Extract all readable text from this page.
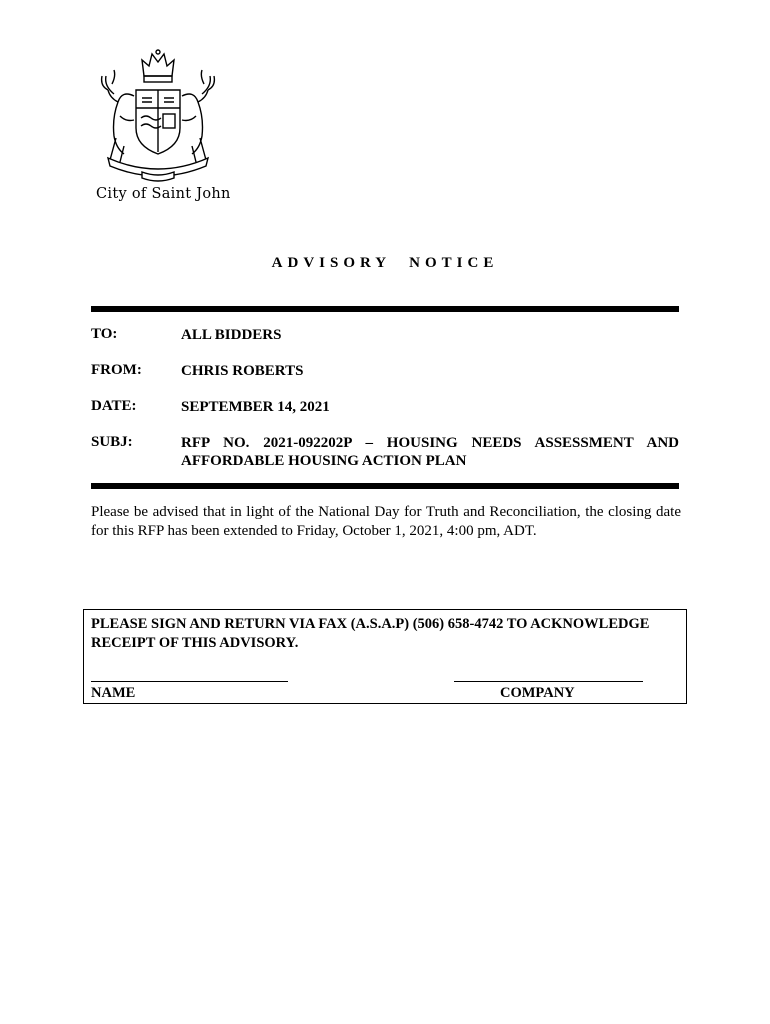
City of Saint John
ADVISORY NOTICE
TO:	ALL BIDDERS
FROM:	CHRIS ROBERTS
DATE:	SEPTEMBER 14, 2021
SUBJ:	RFP NO. 2021-092202P – HOUSING NEEDS ASSESSMENT AND
AFFORDABLE HOUSING ACTION PLAN
Please be advised that in light of the National Day for Truth and Reconciliation, the closing date for this RFP has been extended to Friday, October 1, 2021, 4:00 pm, ADT.
PLEASE SIGN AND RETURN VIA FAX (A.S.A.P) (506) 658-4742 TO ACKNOWLEDGE RECEIPT OF THIS ADVISORY.
NAME	COMPANY
